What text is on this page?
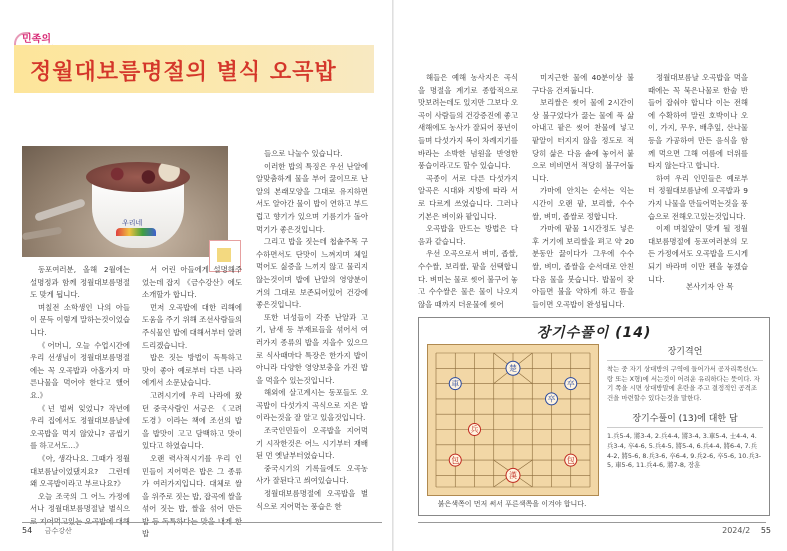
민족의
정월대보름명절의 별식 오곡밥
우리네

동포여러분, 올해 2월에는 설명정과 함께 정월대보름명절도 맞게 됩니다.

며칠전 소학생인 나의 아들이 문득 이렇게 말하는것이었습니다.

《어머니, 오늘 수업시간에 우리 선생님이 정월대보름명절에는 꼭 오곡밥과 아홉가지 마른나물을 먹어야 한다고 했어요.》

《넌 벌써 잊었니? 작년에 우리 집에서도 정월대보름날에 오곡밥을 먹지 않았니? 곰씹기를 하고서도…》

《아, 생각나요. 그때가 정월대보름날이었댔지요? 그런데 왜 오곡밥이라고 부르나요?》

오늘 조국의 그 어느 가정에서나 정월대보름명절날 별식으

서 어린 아들에게 설명해주었는데 잡지 《금수강산》에도 소개할가 합니다.

먼저 오곡밥에 대한 리해에 도움을 주기 위해 조선사람들의 주식물인 밥에 대해서부터 알려드리겠습니다.

밥은 짓는 방법이 독특하고 맛이 좋아 예로부터 다른 나라에게서 소문났습니다.

고려시기에 우리 나라에 왔던 중국사람인 서긍은 《고려도경》이라는 책에 조선의 밥을 밥맛이 고고 담백하고 맛이 있다고 하였습니다.

오랜 력사적시기를 우리 인민들이 지어먹은 밥은 그 종류가 여러가지입니다. 대체로 쌀을 위주로 짓는 밥, 잡곡에 쌀을 섞어 짓는 밥, 쌀을 섞어 만든 밥

들으로 나눌수 있습니다.

이러한 밥의 특징은 우선 난알에 알맞춤하게 물을 부어 끓이므로 난알의 본래모양을 그대로 유지하면서도 알아간 물이 밥이 연하고 부드럽고 향기가 있으며 기름기가 돌아 먹기가 좋은것입니다.

그리고 밥을 짓는데 첩솥주목 구수하면서도 단맛이 느껴지며 체일 먹어도 싫증을 느끼지 않고 물리지 않는것이며 밥에 난알의 영양분이 거의 그대로 보존되어있어 건강에 좋은것입니다.

또한 녀성들이 각종 난알과 고기, 남새 등 부재료들을 섞어서 여러가지 종류의 밥을 지을수 있으므로 식사때마다 특장은 한가지 밥이 아니라 다양한 영양보충을 가진 밥을 먹을수 있는것입니다.

해외에 살고계시는 동포들도 오곡밥이 다섯가지 곡식으로 지은 밥이라는것을 잘 알고 있을것입니다.

조국인민들이 오곡밥을 지어먹기 시작한것은 어느 시기부터 재배된 먼 옛날부터였습니다.

중국시기의 기록들에도 오곡농사가 잘된다고 씌여있습니다.

정월대보름명절에 오곡밥을 별식으로 지어먹는 풍습은 한

54 금수강산

해들은 예해 농사지은 곡식을 명절을 계기로 종합적으로 맛보려는데도 있지만 그보다 오곡이 사람들의 건강증진에 좋고 새해에도 농사가 잘되어 풍년이 들며 다섯가지 복이 차례지기를 바라는 소박한 념원을 반영한 풍습이라고도 할수 있습니다.

곡종이 서로 다른 다섯가지 알곡은 시대와 지방에 따라 서로 다르게 쓰였습니다. 그러나 기본은 벼이와 팥입니다.

오곡밥을 만드는 방법은 다음과 같습니다.

우선 오곡으로서 벼미, 좁쌀, 수수쌀, 보리쌀, 팥을 선택합니다. 벼미는 물로 씻어 불구어 놓고 수수쌀은 물은 물이 나오지 않을 때까지 더운물에 씻어

미지근한 물에 40분이상 불구다음 건져둡니다.

보리쌀은 씻어 물에 2시간이상 불구었다가 끓는 물에 푹 삶아내고 팥은 씻어 찬물에 넣고 팥알이 터지지 않을 정도로 적당히 삶은 다음 솥에 놓어서 붙으로 비비면서 적당히 불구어둡니다.

가마에 안치는 순서는 익는 시간이 오랜 팥, 보리쌀, 수수쌀, 벼미, 좁쌀로 정합니다.

가마에 팥물 1시간정도 넣은 후 거기에 보리쌀을 펴고 약 20분동안 끓이다가 그우에 수수쌀, 벼미, 좁쌀을 순서대로 안친 다음 물을 붓습니다. 밥물이 잦아들면 불을 약하게 하고 뜸을 들이면 오곡밥이 완성됩니다.

정월대보름날 오곡밥을 먹을 때에는 꼭 묵은나물로 한술 반들어 잡숴야 합니다 이는 전해에 수확하여 말린 호박이나 오이, 가지, 무우, 배추잎, 산나물 등을 가공하여 만든 음식을 함께 먹으면 그해 여름에 더위를 타지 않는다고 합니다.

하여 우리 인민들은 예로부터 정월대보름날에 오곡밥과 9가지 나물을 만들어먹는것을 풍습으로 전해오고있는것입니다.

이제 며칠앞이 맞게 될 정월대보름명절에 동포여러분의 모든 가정에서도 오곡밥을 드시게 되기 바라며 이만 펜을 놓겠습니다.

본사기자 안 목
장기수풀이 (14)
楚
車
卒
卒
兵
漢
包	包
붉은색쪽이 먼저 써서 푸른색쪽을 이겨야 합니다.
장기격언
착는 중 자기 상대방의 구역에 들어가서 공자리쪽선(노랑 또는 X형)에 서는것이 어려운 유리하다는 뜻이다. 자기 쪽을 시면 상대방말에 혼란을 주고 결정적인 공격조건을 마련할수 있다는것을 말한다.
장기수풀이 (13)에 대한 답
1.兵5-4, 將3-4, 2.兵4-4, 將3-4, 3.車5-4, 士4-4, 4.兵3-4, 卒4-6, 5.兵4-5, 將5-4, 6.兵4-4, 將6-4, 7.兵4-2, 將5-6, 8.兵3-6, 卒6-4, 9.兵2-6, 卒5-6, 10.兵3-5, 車5-6, 11.兵4-6, 將7-8, 장훈
2024/2 55
